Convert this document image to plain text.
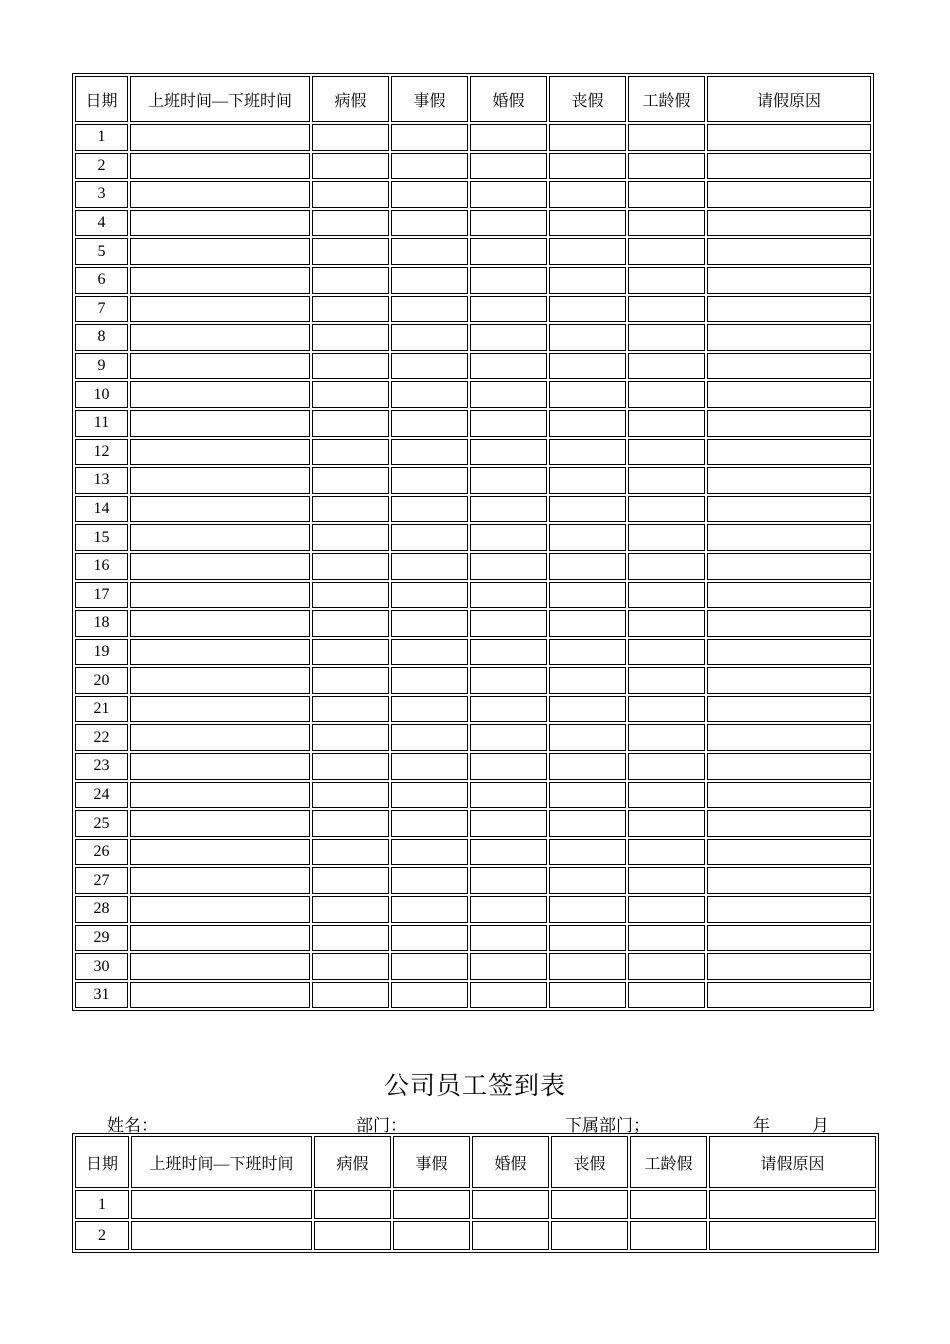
日期	上班时间—下班时间	病假	事假	婚假	丧假	工龄假	请假原因
1							
2							
3							
4							
5							
6							
7							
8							
9							
10							
11							
12							
13							
14							
15							
16							
17							
18							
19							
20							
21							
22							
23							
24							
25							
26							
27							
28							
29							
30							
31							
公司员工签到表
姓名：	部门：	下属部门；	年 月
日期	上班时间—下班时间	病假	事假	婚假	丧假	工龄假	请假原因
1							
2							
